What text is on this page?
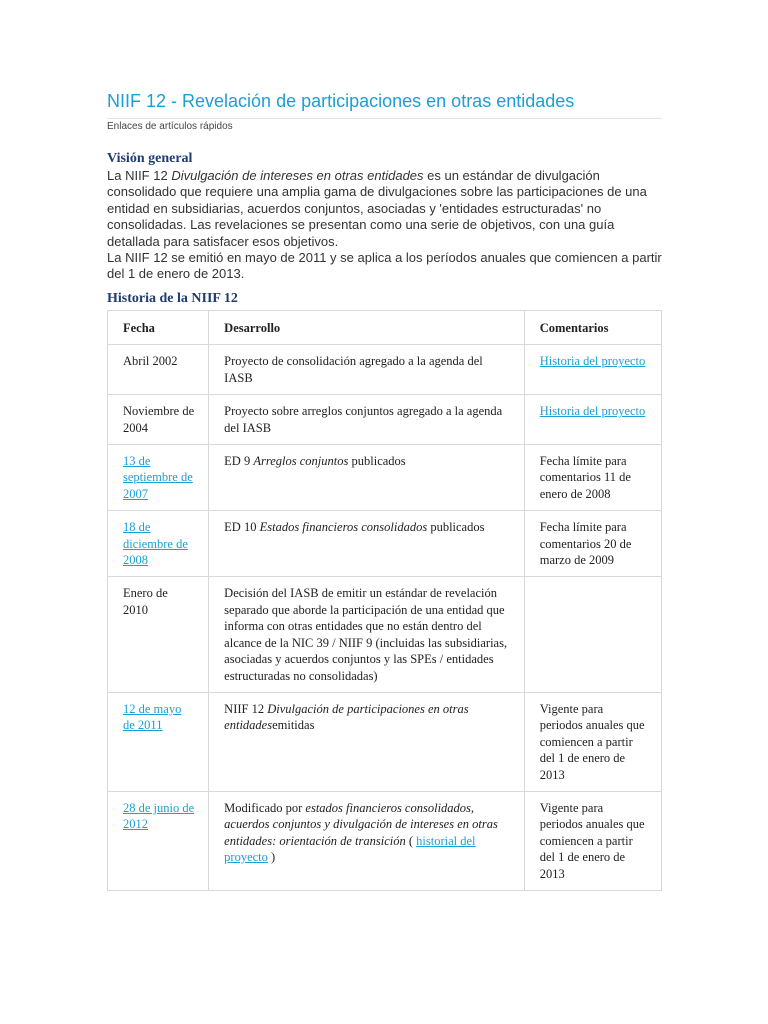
NIIF 12 - Revelación de participaciones en otras entidades
Enlaces de artículos rápidos
Visión general

La NIIF 12 Divulgación de intereses en otras entidades es un estándar de divulgación consolidado que requiere una amplia gama de divulgaciones sobre las participaciones de una entidad en subsidiarias, acuerdos conjuntos, asociadas y 'entidades estructuradas' no consolidadas. Las revelaciones se presentan como una serie de objetivos, con una guía detallada para satisfacer esos objetivos.

La NIIF 12 se emitió en mayo de 2011 y se aplica a los períodos anuales que comiencen a partir del 1 de enero de 2013.

Historia de la NIIF 12
Fecha	Desarrollo	Comentarios
Abril 2002	Proyecto de consolidación agregado a la agenda del IASB	Historia del proyecto
Noviembre de 2004	Proyecto sobre arreglos conjuntos agregado a la agenda del IASB	Historia del proyecto
13 de septiembre de 2007	ED 9 Arreglos conjuntos publicados	Fecha límite para comentarios 11 de enero de 2008
18 de diciembre de 2008	ED 10 Estados financieros consolidados publicados	Fecha límite para comentarios 20 de marzo de 2009
Enero de 2010	Decisión del IASB de emitir un estándar de revelación separado que aborde la participación de una entidad que informa con otras entidades que no están dentro del alcance de la NIC 39 / NIIF 9 (incluidas las subsidiarias, asociadas y acuerdos conjuntos y las SPEs / entidades estructuradas no consolidadas)	
12 de mayo de 2011	NIIF 12 Divulgación de participaciones en otras entidadesemitidas	Vigente para periodos anuales que comiencen a partir del 1 de enero de 2013
28 de junio de 2012	Modificado por estados financieros consolidados, acuerdos conjuntos y divulgación de intereses en otras entidades: orientación de transición ( historial del proyecto )	Vigente para periodos anuales que comiencen a partir del 1 de enero de 2013
